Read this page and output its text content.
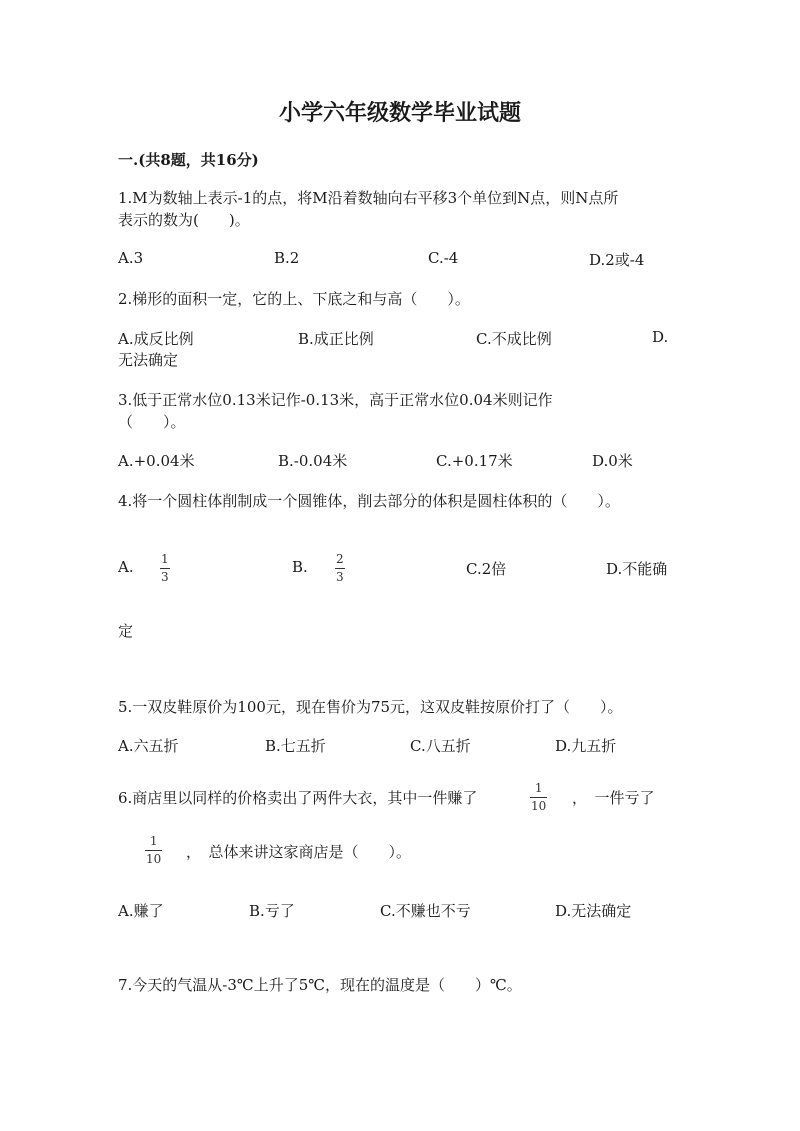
小学六年级数学毕业试题
一.(共8题，共16分)
1.M为数轴上表示-1的点，将M沿着数轴向右平移3个单位到N点，则N点所
表示的数为(　　)。
A.3	B.2	C.-4	D.2或-4
2.梯形的面积一定，它的上、下底之和与高（　　）。
A.成反比例	B.成正比例	C.不成比例	D.
无法确定
3.低于正常水位0.13米记作-0.13米，高于正常水位0.04米则记作
（　　）。
A.+0.04米	B.-0.04米	C.+0.17米	D.0米
4.将一个圆柱体削制成一个圆锥体，削去部分的体积是圆柱体积的（　　）。
A. 1
3
B. 2
3	C.2倍	D.不能确
定
5.一双皮鞋原价为100元，现在售价为75元，这双皮鞋按原价打了（　　）。
A.六五折	B.七五折	C.八五折	D.九五折
6.商店里以同样的价格卖出了两件大衣，其中一件赚了
1
10 ，　一件亏了
1
10 ，　总体来讲这家商店是（　　）。
A.赚了	B.亏了	C.不赚也不亏	D.无法确定
7.今天的气温从-3℃上升了5℃，现在的温度是（　　）℃。
